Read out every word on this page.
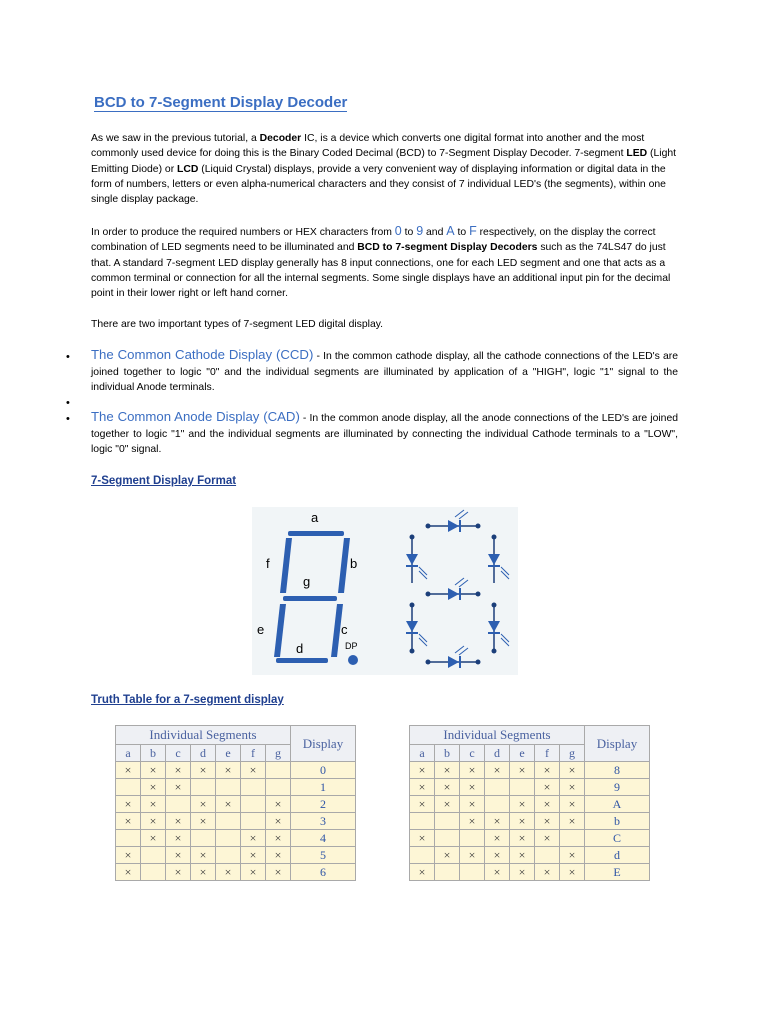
BCD to 7-Segment Display Decoder
As we saw in the previous tutorial, a Decoder IC, is a device which converts one digital format into another and the most commonly used device for doing this is the Binary Coded Decimal (BCD) to 7-Segment Display Decoder. 7-segment LED (Light Emitting Diode) or LCD (Liquid Crystal) displays, provide a very convenient way of displaying information or digital data in the form of numbers, letters or even alpha-numerical characters and they consist of 7 individual LED's (the segments), within one single display package.
In order to produce the required numbers or HEX characters from 0 to 9 and A to F respectively, on the display the correct combination of LED segments need to be illuminated and BCD to 7-segment Display Decoders such as the 74LS47 do just that. A standard 7-segment LED display generally has 8 input connections, one for each LED segment and one that acts as a common terminal or connection for all the internal segments. Some single displays have an additional input pin for the decimal point in their lower right or left hand corner.
There are two important types of 7-segment LED digital display.
• The Common Cathode Display (CCD) - In the common cathode display, all the cathode connections of the LED's are joined together to logic "0" and the individual segments are illuminated by application of a "HIGH", logic "1" signal to the individual Anode terminals.
•
• The Common Anode Display (CAD) - In the common anode display, all the anode connections of the LED's are joined together to logic "1" and the individual segments are illuminated by connecting the individual Cathode terminals to a "LOW", logic "0" signal.
7-Segment Display Format
a
f	b
g
e	c
d	DP
Truth Table for a 7-segment display
Individual Segments							Display
a	b	c	d	e	f	g	
×	×	×	×	×	×		0
	×	×					1
×	×		×	×		×	2
×	×	×	×			×	3
	×	×			×	×	4
×		×	×		×	×	5
×		×	×	×	×	×	6
Individual Segments							Display
a	b	c	d	e	f	g	
×	×	×	×	×	×	×	8
×	×	×			×	×	9
×	×	×		×	×	×	A
		×	×	×	×	×	b
×			×	×	×		C
	×	×	×	×		×	d
×			×	×	×	×	E
